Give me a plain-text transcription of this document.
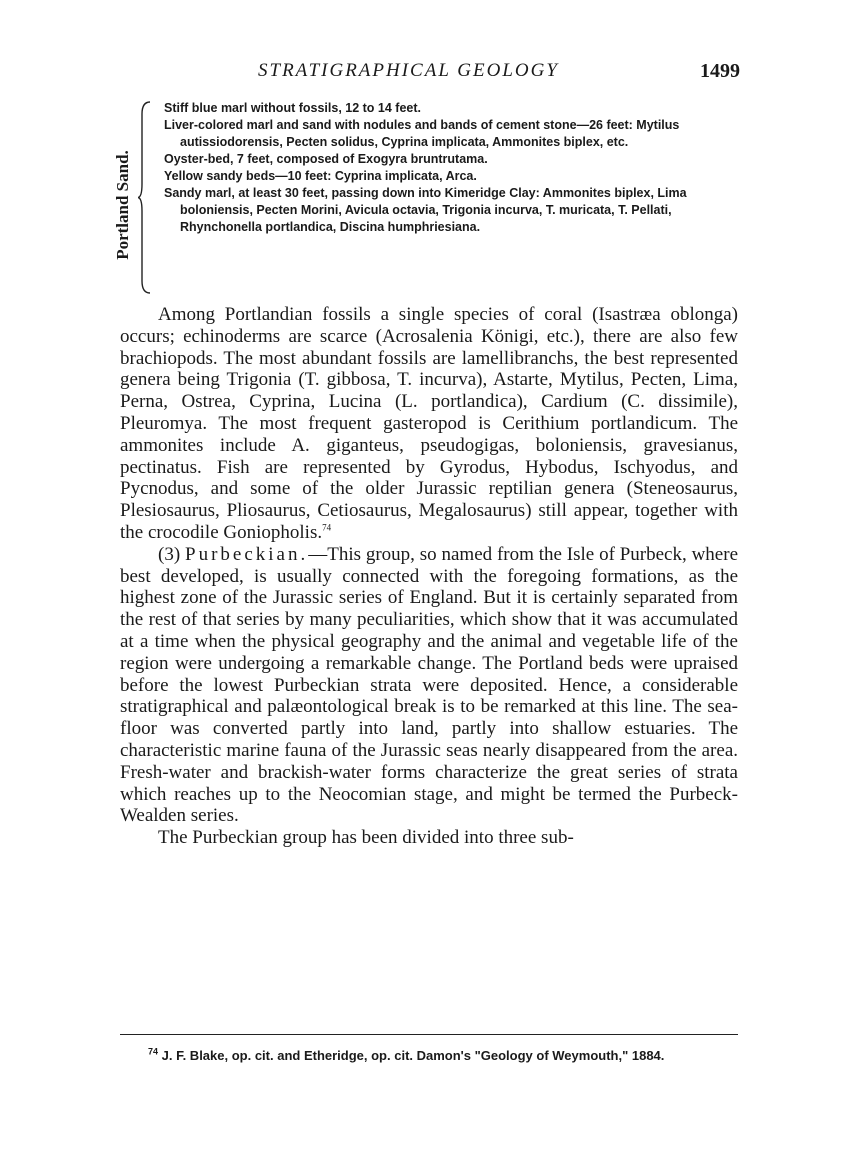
STRATIGRAPHICAL GEOLOGY	1499
Portland Sand.

Stiff blue marl without fossils, 12 to 14 feet.

Liver-colored marl and sand with nodules and bands of cement stone—26 feet: Mytilus autissiodorensis, Pecten solidus, Cyprina implicata, Ammonites biplex, etc.

Oyster-bed, 7 feet, composed of Exogyra bruntrutama.

Yellow sandy beds—10 feet: Cyprina implicata, Arca.

Sandy marl, at least 30 feet, passing down into Kimeridge Clay: Ammonites biplex, Lima boloniensis, Pecten Morini, Avicula octavia, Trigonia incurva, T. muricata, T. Pellati, Rhynchonella portlandica, Discina humphriesiana.

Among Portlandian fossils a single species of coral (Isastræa oblonga) occurs; echinoderms are scarce (Acrosalenia Königi, etc.), there are also few brachiopods. The most abundant fossils are lamellibranchs, the best represented genera being Trigonia (T. gibbosa, T. incurva), Astarte, Mytilus, Pecten, Lima, Perna, Ostrea, Cyprina, Lucina (L. portlandica), Cardium (C. dissimile), Pleuromya. The most frequent gasteropod is Cerithium portlandicum. The ammonites include A. giganteus, pseudogigas, boloniensis, gravesianus, pectinatus. Fish are represented by Gyrodus, Hybodus, Ischyodus, and Pycnodus, and some of the older Jurassic reptilian genera (Steneosaurus, Plesiosaurus, Pliosaurus, Cetiosaurus, Megalosaurus) still appear, together with the crocodile Goniopholis.$^{74}$

(3) Purbeckian.—This group, so named from the Isle of Purbeck, where best developed, is usually connected with the foregoing formations, as the highest zone of the Jurassic series of England. But it is certainly separated from the rest of that series by many peculiarities, which show that it was accumulated at a time when the physical geography and the animal and vegetable life of the region were undergoing a remarkable change. The Portland beds were upraised before the lowest Purbeckian strata were deposited. Hence, a considerable stratigraphical and palæontological break is to be remarked at this line. The sea-floor was converted partly into land, partly into shallow estuaries. The characteristic marine fauna of the Jurassic seas nearly disappeared from the area. Fresh-water and brackish-water forms characterize the great series of strata which reaches up to the Neocomian stage, and might be termed the Purbeck-Wealden series.

The Purbeckian group has been divided into three sub-

$^{74}$ J. F. Blake, op. cit. and Etheridge, op. cit. Damon's "Geology of Weymouth," 1884.
